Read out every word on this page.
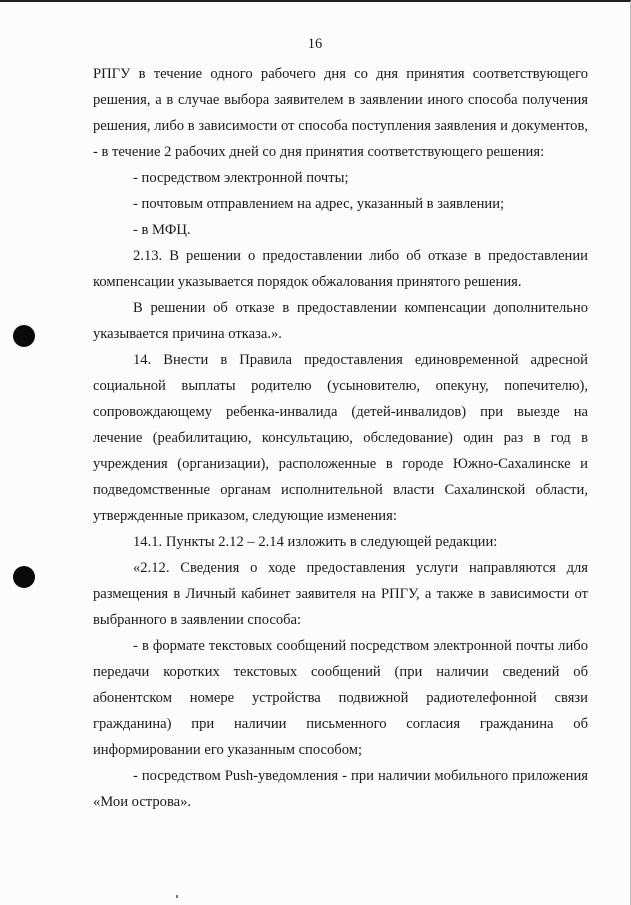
16

РПГУ в течение одного рабочего дня со дня принятия соответствующего решения, а в случае выбора заявителем в заявлении иного способа получения решения, либо в зависимости от способа поступления заявления и документов, - в течение 2 рабочих дней со дня принятия соответствующего решения:

- посредством электронной почты;

- почтовым отправлением на адрес, указанный в заявлении;

- в МФЦ.

2.13. В решении о предоставлении либо об отказе в предоставлении компенсации указывается порядок обжалования принятого решения.

В решении об отказе в предоставлении компенсации дополнительно указывается причина отказа.».

14. Внести в Правила предоставления единовременной адресной социальной выплаты родителю (усыновителю, опекуну, попечителю), сопровождающему ребенка-инвалида (детей-инвалидов) при выезде на лечение (реабилитацию, консультацию, обследование) один раз в год в учреждения (организации), расположенные в городе Южно-Сахалинске и подведомственные органам исполнительной власти Сахалинской области, утвержденные приказом, следующие изменения:

14.1. Пункты 2.12 – 2.14 изложить в следующей редакции:

«2.12. Сведения о ходе предоставления услуги направляются для размещения в Личный кабинет заявителя на РПГУ, а также в зависимости от выбранного в заявлении способа:

- в формате текстовых сообщений посредством электронной почты либо передачи коротких текстовых сообщений (при наличии сведений об абонентском номере устройства подвижной радиотелефонной связи гражданина) при наличии письменного согласия гражданина об информировании его указанным способом;

- посредством Push-уведомления - при наличии мобильного приложения «Мои острова».
